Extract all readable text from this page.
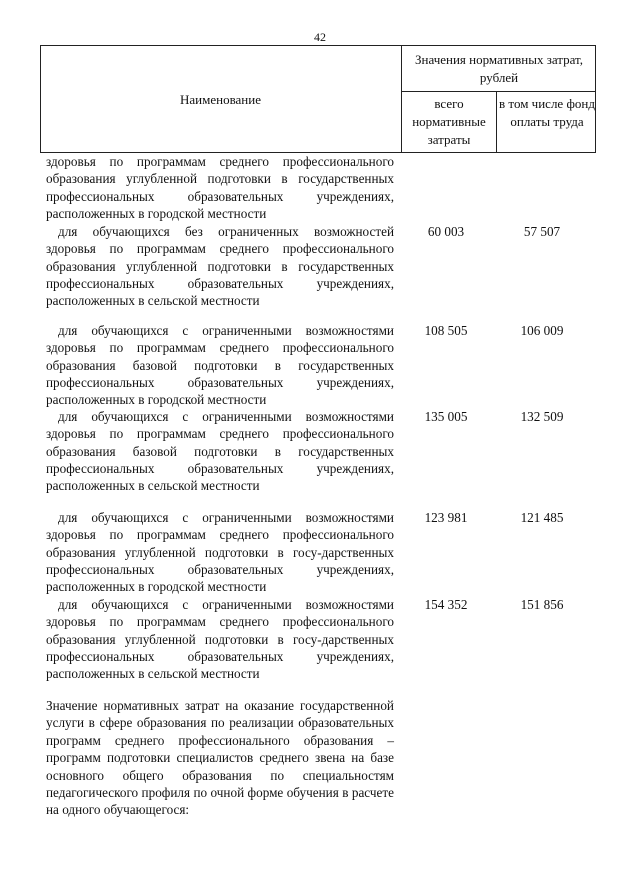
42
Наименование
Значения нормативных затрат, рублей
всего нормативные затраты
в том числе фонд оплаты труда
здоровья по программам среднего профессионального образования углубленной подготовки в государственных профессиональных образовательных учреждениях, расположенных в городской местности
для обучающихся без ограниченных возможностей здоровья по программам среднего профессионального образования углубленной подготовки в государственных профессиональных образовательных учреждениях, расположенных в сельской местности
60 003	57 507
для обучающихся с ограниченными возможностями здоровья по программам среднего профессионального образования базовой подготовки в государственных профессиональных образовательных учреждениях, расположенных в городской местности
108 505	106 009
для обучающихся с ограниченными возможностями здоровья по программам среднего профессионального образования базовой подготовки в государственных профессиональных образовательных учреждениях, расположенных в сельской местности
135 005	132 509
для обучающихся с ограниченными возможностями здоровья по программам среднего профессионального образования углубленной подготовки в госу-дарственных профессиональных образовательных учреждениях, расположенных в городской местности
123 981	121 485
для обучающихся с ограниченными возможностями здоровья по программам среднего профессионального образования углубленной подготовки в госу-дарственных профессиональных образовательных учреждениях, расположенных в сельской местности
154 352	151 856
Значение нормативных затрат на оказание государственной услуги в сфере образования по реализации образовательных программ среднего профессионального образования – программ подготовки специалистов среднего звена на базе основного общего образования по специальностям педагогического профиля по очной форме обучения в расчете на одного обучающегося:
